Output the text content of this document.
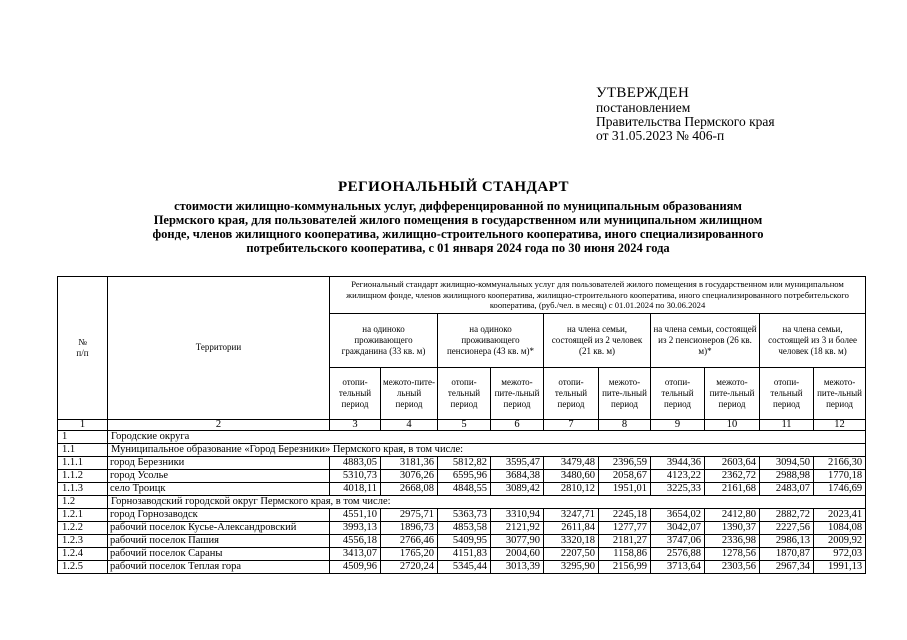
УТВЕРЖДЕН
постановлением
Правительства Пермского края
от 31.05.2023 № 406-п
РЕГИОНАЛЬНЫЙ СТАНДАРТ
стоимости жилищно-коммунальных услуг, дифференцированной по муниципальным образованиям
Пермского края, для пользователей жилого помещения в государственном или муниципальном жилищном
фонде, членов жилищного кооператива, жилищно-строительного кооператива, иного специализированного
потребительского кооператива, с 01 января 2024 года по 30 июня 2024 года
№
п/п	Территории	Региональный стандарт жилищно-коммунальных услуг для пользователей жилого помещения в государственном или муниципальном жилищном фонде, членов жилищного кооператива, жилищно-строительного кооператива, иного специализированного потребительского кооператива, (руб./чел. в месяц) с 01.01.2024 по 30.06.2024									
		на одиноко проживающего гражданина (33 кв. м)		на одиноко проживающего пенсионера (43 кв. м)*		на члена семьи, состоящей из 2 человек (21 кв. м)		на члена семьи, состоящей из 2 пенсионеров (26 кв. м)*		на члена семьи, состоящей из 3 и более человек (18 кв. м)	
		отопи-тельный период	межото-пите-льный период	отопи-тельный период	межото-пите-льный период	отопи-тельный период	межото-пите-льный период	отопи-тельный период	межото-пите-льный период	отопи-тельный период	межото-пите-льный период
1	2	3	4	5	6	7	8	9	10	11	12
1	Городские округа										
1.1	Муниципальное образование «Город Березники» Пермского края, в том числе:										
1.1.1	город Березники	4883,05	3181,36	5812,82	3595,47	3479,48	2396,59	3944,36	2603,64	3094,50	2166,30
1.1.2	город Усолье	5310,73	3076,26	6595,96	3684,38	3480,60	2058,67	4123,22	2362,72	2988,98	1770,18
1.1.3	село Троицк	4018,11	2668,08	4848,55	3089,42	2810,12	1951,01	3225,33	2161,68	2483,07	1746,69
1.2	Горнозаводский городской округ Пермского края, в том числе:										
1.2.1	город Горнозаводск	4551,10	2975,71	5363,73	3310,94	3247,71	2245,18	3654,02	2412,80	2882,72	2023,41
1.2.2	рабочий поселок Кусье-Александровский	3993,13	1896,73	4853,58	2121,92	2611,84	1277,77	3042,07	1390,37	2227,56	1084,08
1.2.3	рабочий поселок Пашия	4556,18	2766,46	5409,95	3077,90	3320,18	2181,27	3747,06	2336,98	2986,13	2009,92
1.2.4	рабочий поселок Сараны	3413,07	1765,20	4151,83	2004,60	2207,50	1158,86	2576,88	1278,56	1870,87	972,03
1.2.5	рабочий поселок Теплая гора	4509,96	2720,24	5345,44	3013,39	3295,90	2156,99	3713,64	2303,56	2967,34	1991,13
